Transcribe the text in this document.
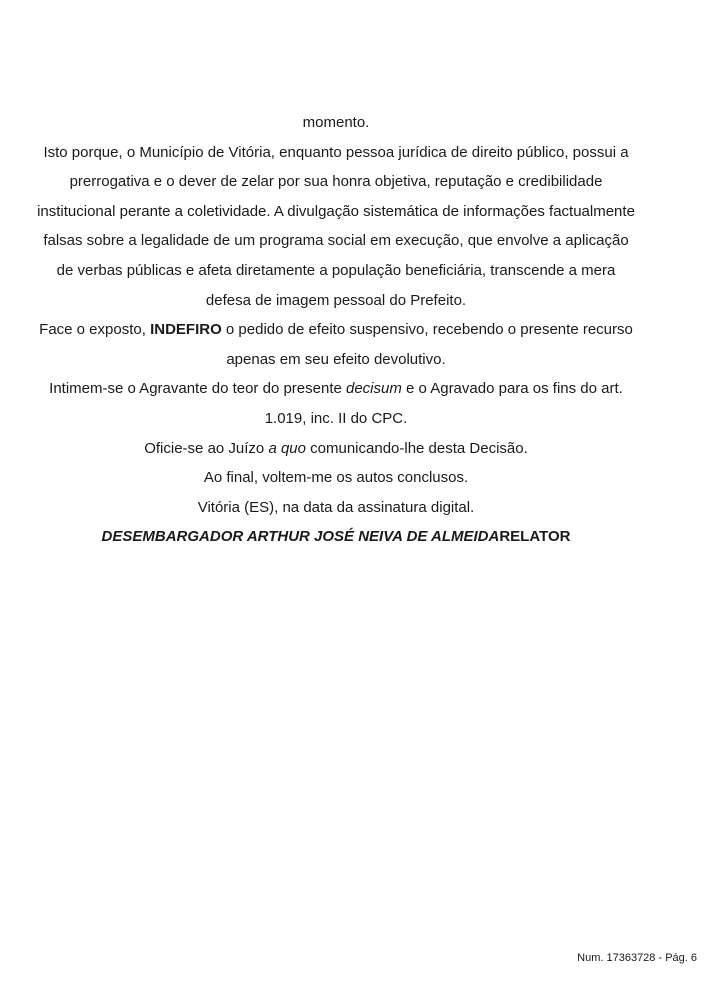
momento.

Isto porque, o Município de Vitória, enquanto pessoa jurídica de direito público, possui a

prerrogativa e o dever de zelar por sua honra objetiva, reputação e credibilidade

institucional perante a coletividade. A divulgação sistemática de informações factualmente

falsas sobre a legalidade de um programa social em execução, que envolve a aplicação

de verbas públicas e afeta diretamente a população beneficiária, transcende a mera

defesa de imagem pessoal do Prefeito.

Face o exposto, INDEFIRO o pedido de efeito suspensivo, recebendo o presente recurso

apenas em seu efeito devolutivo.

Intimem-se o Agravante do teor do presente decisum e o Agravado para os fins do art.

1.019, inc. II do CPC.

Oficie-se ao Juízo a quo comunicando-lhe desta Decisão.

Ao final, voltem-me os autos conclusos.

Vitória (ES), na data da assinatura digital.

DESEMBARGADOR ARTHUR JOSÉ NEIVA DE ALMEIDARELATOR

Num. 17363728 - Pág. 6
